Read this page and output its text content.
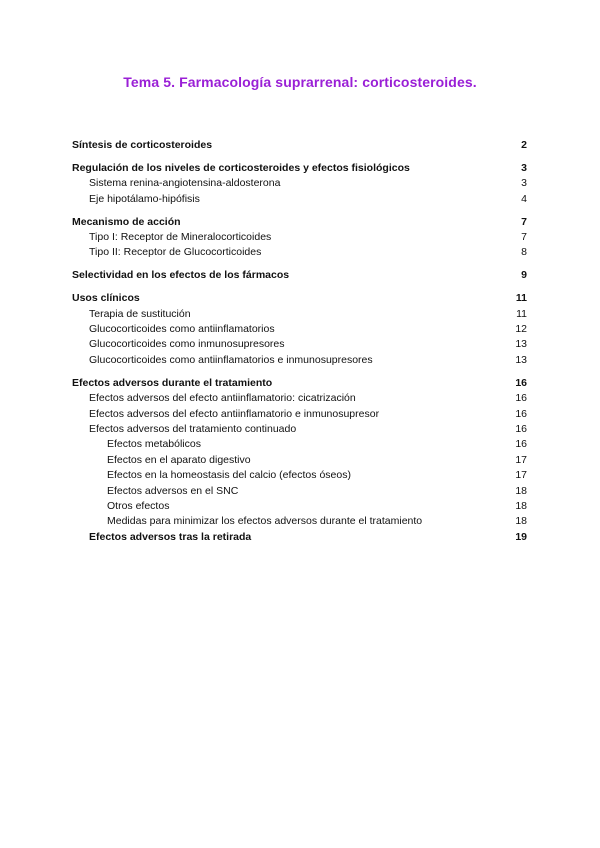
Tema 5. Farmacología suprarrenal: corticosteroides.
Síntesis de corticosteroides	2
Regulación de los niveles de corticosteroides y efectos fisiológicos	3
Sistema renina-angiotensina-aldosterona	3
Eje hipotálamo-hipófisis	4
Mecanismo de acción	7
Tipo I: Receptor de Mineralocorticoides	7
Tipo II: Receptor de Glucocorticoides	8
Selectividad en los efectos de los fármacos	9
Usos clínicos	11
Terapia de sustitución	11
Glucocorticoides como antiinflamatorios	12
Glucocorticoides como inmunosupresores	13
Glucocorticoides como antiinflamatorios e inmunosupresores	13
Efectos adversos durante el tratamiento	16
Efectos adversos del efecto antiinflamatorio: cicatrización	16
Efectos adversos del efecto antiinflamatorio e inmunosupresor	16
Efectos adversos del tratamiento continuado	16
Efectos metabólicos	16
Efectos en el aparato digestivo	17
Efectos en la homeostasis del calcio (efectos óseos)	17
Efectos adversos en el SNC	18
Otros efectos	18
Medidas para minimizar los efectos adversos durante el tratamiento	18
Efectos adversos tras la retirada	19
